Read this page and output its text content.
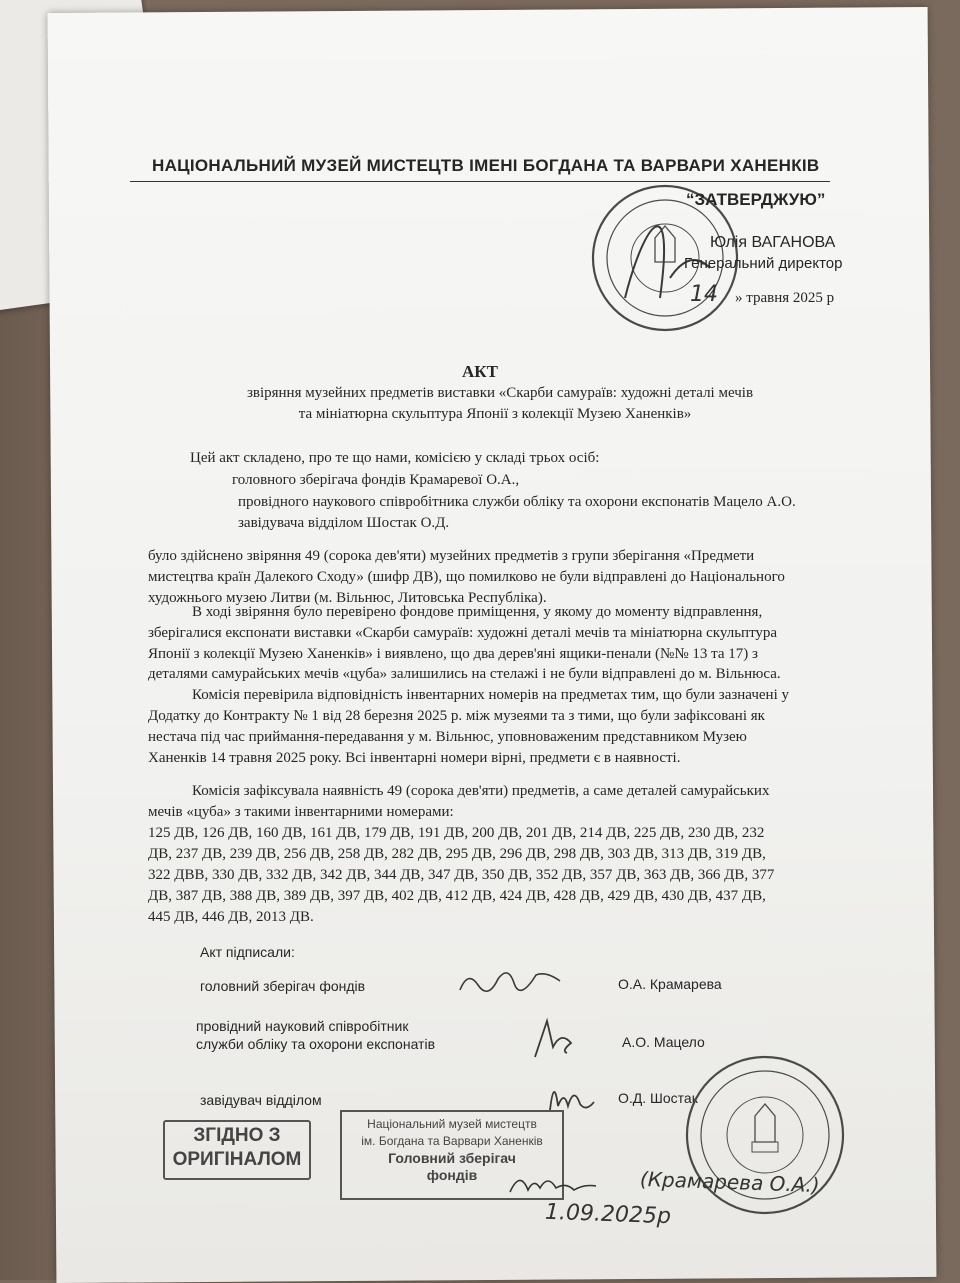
НАЦІОНАЛЬНИЙ МУЗЕЙ МИСТЕЦТВ ІМЕНІ БОГДАНА ТА ВАРВАРИ ХАНЕНКІВ
“ЗАТВЕРДЖУЮ”
Юлія ВАГАНОВА
Генеральний директор
14 » травня 2025 р
АКТ
звіряння музейних предметів виставки «Скарби самураїв: художні деталі мечів
та мініатюрна скульптура Японії з колекції Музею Ханенків»
Цей акт складено, про те що нами, комісією у складі трьох осіб:
головного зберігача фондів Крамаревої О.А.,
провідного наукового співробітника служби обліку та охорони експонатів Мацело А.О.
завідувача відділом Шостак О.Д.
було здійснено звіряння 49 (сорока дев'яти) музейних предметів з групи зберігання «Предмети
мистецтва країн Далекого Сходу» (шифр ДВ), що помилково не були відправлені до Національного
художнього музею Литви (м. Вільнюс, Литовська Республіка).
В ході звіряння було перевірено фондове приміщення, у якому до моменту відправлення,
зберігалися експонати виставки «Скарби самураїв: художні деталі мечів та мініатюрна скульптура
Японії з колекції Музею Ханенків» і виявлено, що два дерев'яні ящики-пенали (№№ 13 та 17) з
деталями самурайських мечів «цуба» залишились на стелажі і не були відправлені до м. Вільнюса.
Комісія перевірила відповідність інвентарних номерів на предметах тим, що були зазначені у
Додатку до Контракту № 1 від 28 березня 2025 р. між музеями та з тими, що були зафіксовані як
нестача під час приймання-передавання у м. Вільнюс, уповноваженим представником Музею
Ханенків 14 травня 2025 року. Всі інвентарні номери вірні, предмети є в наявності.
Комісія зафіксувала наявність 49 (сорока дев'яти) предметів, а саме деталей самурайських
мечів «цуба» з такими інвентарними номерами:
125 ДВ, 126 ДВ, 160 ДВ, 161 ДВ, 179 ДВ, 191 ДВ, 200 ДВ, 201 ДВ, 214 ДВ, 225 ДВ, 230 ДВ, 232
ДВ, 237 ДВ, 239 ДВ, 256 ДВ, 258 ДВ, 282 ДВ, 295 ДВ, 296 ДВ, 298 ДВ, 303 ДВ, 313 ДВ, 319 ДВ,
322 ДВВ, 330 ДВ, 332 ДВ, 342 ДВ, 344 ДВ, 347 ДВ, 350 ДВ, 352 ДВ, 357 ДВ, 363 ДВ, 366 ДВ, 377
ДВ, 387 ДВ, 388 ДВ, 389 ДВ, 397 ДВ, 402 ДВ, 412 ДВ, 424 ДВ, 428 ДВ, 429 ДВ, 430 ДВ, 437 ДВ,
445 ДВ, 446 ДВ, 2013 ДВ.
Акт підписали:
головний зберігач фондів	О.А. Крамарева
провідний науковий співробітник
служби обліку та охорони експонатів	А.О. Мацело
завідувач відділом	О.Д. Шостак
ЗГІДНО З
ОРИГІНАЛОМ
Національний музей мистецтв
ім. Богдана та Варвари Ханенків
Головний зберігач
фондів	(Крамарева О.А.)
1.09.2025р
